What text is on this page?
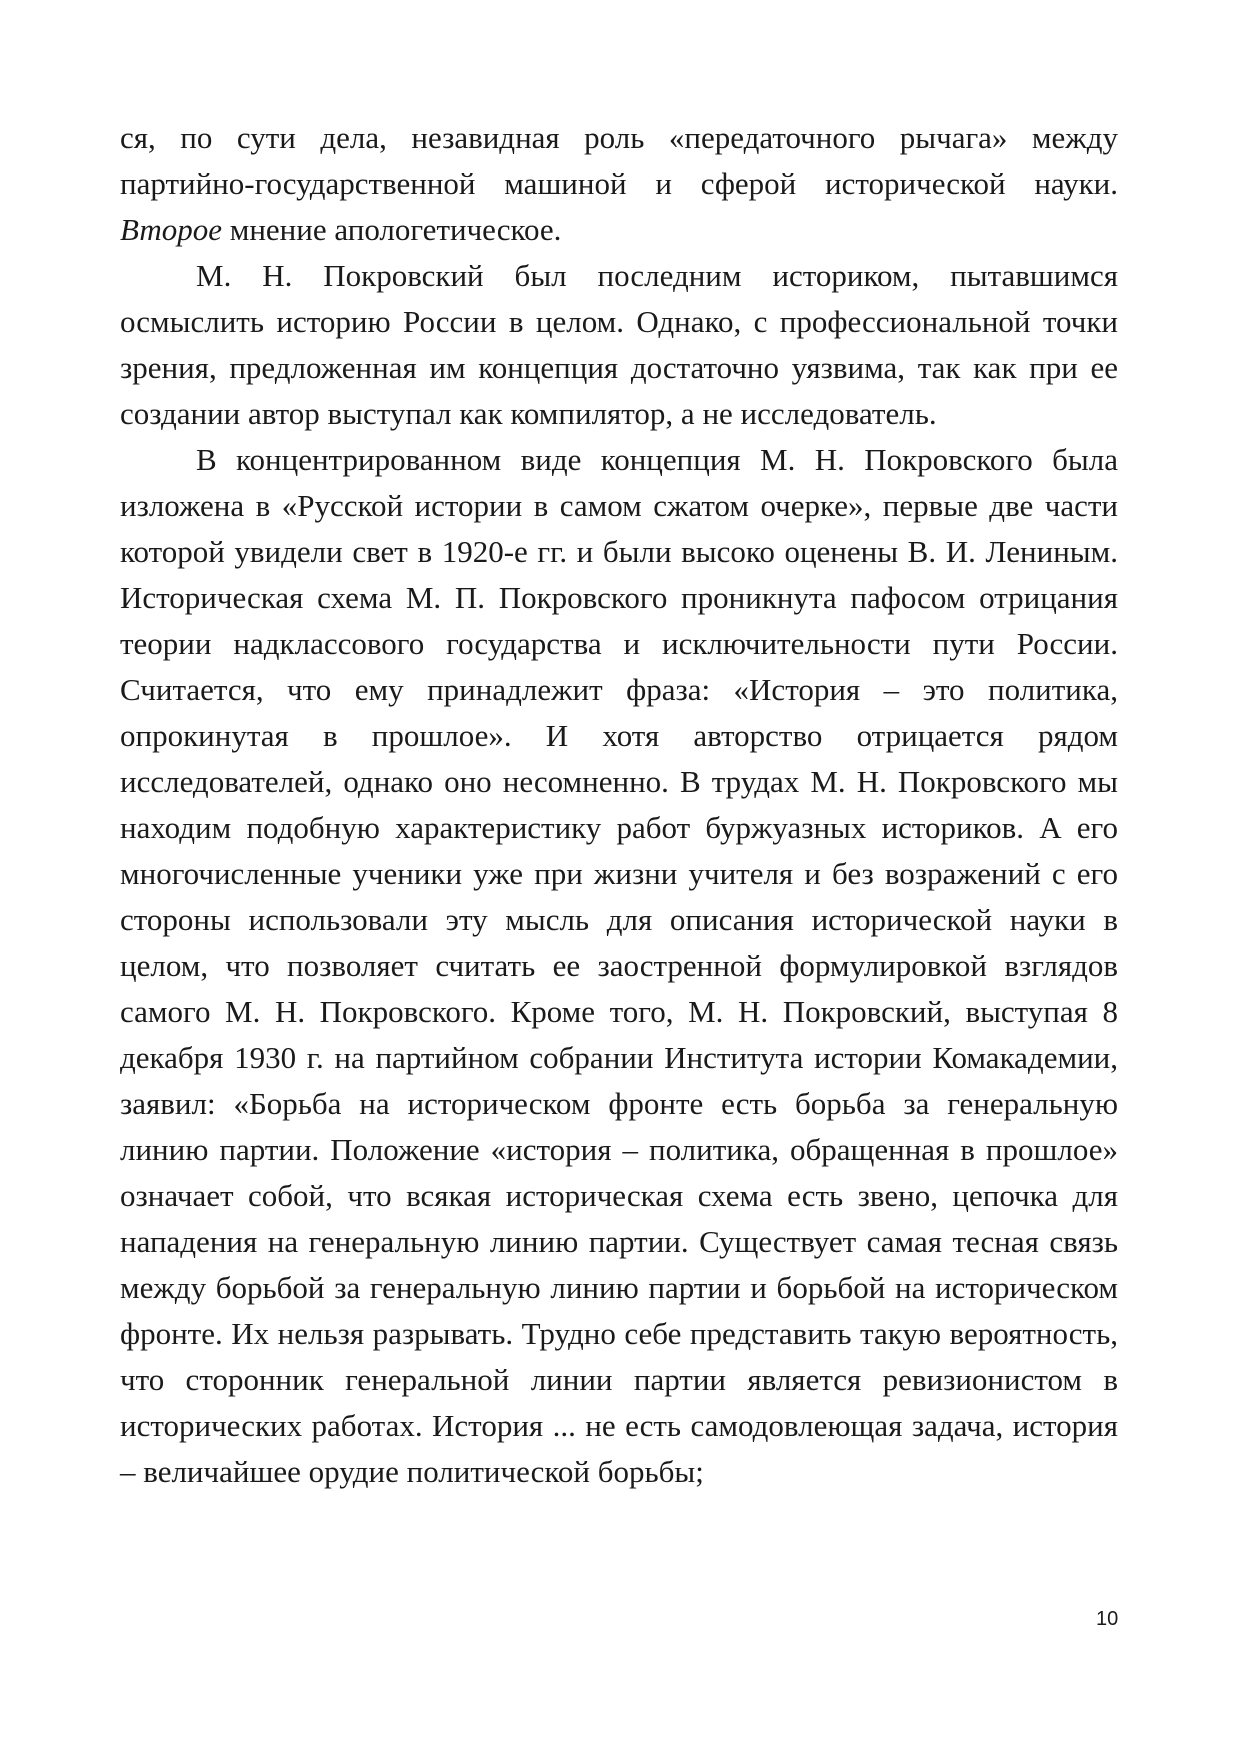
ся, по сути дела, незавидная роль «передаточного рычага» между партийно-государственной машиной и сферой исторической науки. Второе мнение апологетическое.

М. Н. Покровский был последним историком, пытавшимся осмыслить историю России в целом. Однако, с профессиональной точки зрения, предложенная им концепция достаточно уязвима, так как при ее создании автор выступал как компилятор, а не исследователь.

В концентрированном виде концепция М. Н. Покровского была изложена в «Русской истории в самом сжатом очерке», первые две части которой увидели свет в 1920-е гг. и были высоко оценены В. И. Лениным. Историческая схема М. П. Покровского проникнута пафосом отрицания теории надклассового государства и исключительности пути России. Считается, что ему принадлежит фраза: «История – это политика, опрокинутая в прошлое». И хотя авторство отрицается рядом исследователей, однако оно несомненно. В трудах М. Н. Покровского мы находим подобную характеристику работ буржуазных историков. А его многочисленные ученики уже при жизни учителя и без возражений с его стороны использовали эту мысль для описания исторической науки в целом, что позволяет считать ее заостренной формулировкой взглядов самого М. Н. Покровского. Кроме того, М. Н. Покровский, выступая 8 декабря 1930 г. на партийном собрании Института истории Комакадемии, заявил: «Борьба на историческом фронте есть борьба за генеральную линию партии. Положение «история – политика, обращенная в прошлое» означает собой, что всякая историческая схема есть звено, цепочка для нападения на генеральную линию партии. Существует самая тесная связь между борьбой за генеральную линию партии и борьбой на историческом фронте. Их нельзя разрывать. Трудно себе представить такую вероятность, что сторонник генеральной линии партии является ревизионистом в исторических работах. История ... не есть самодовлеющая задача, история – величайшее орудие политической борьбы;

10
